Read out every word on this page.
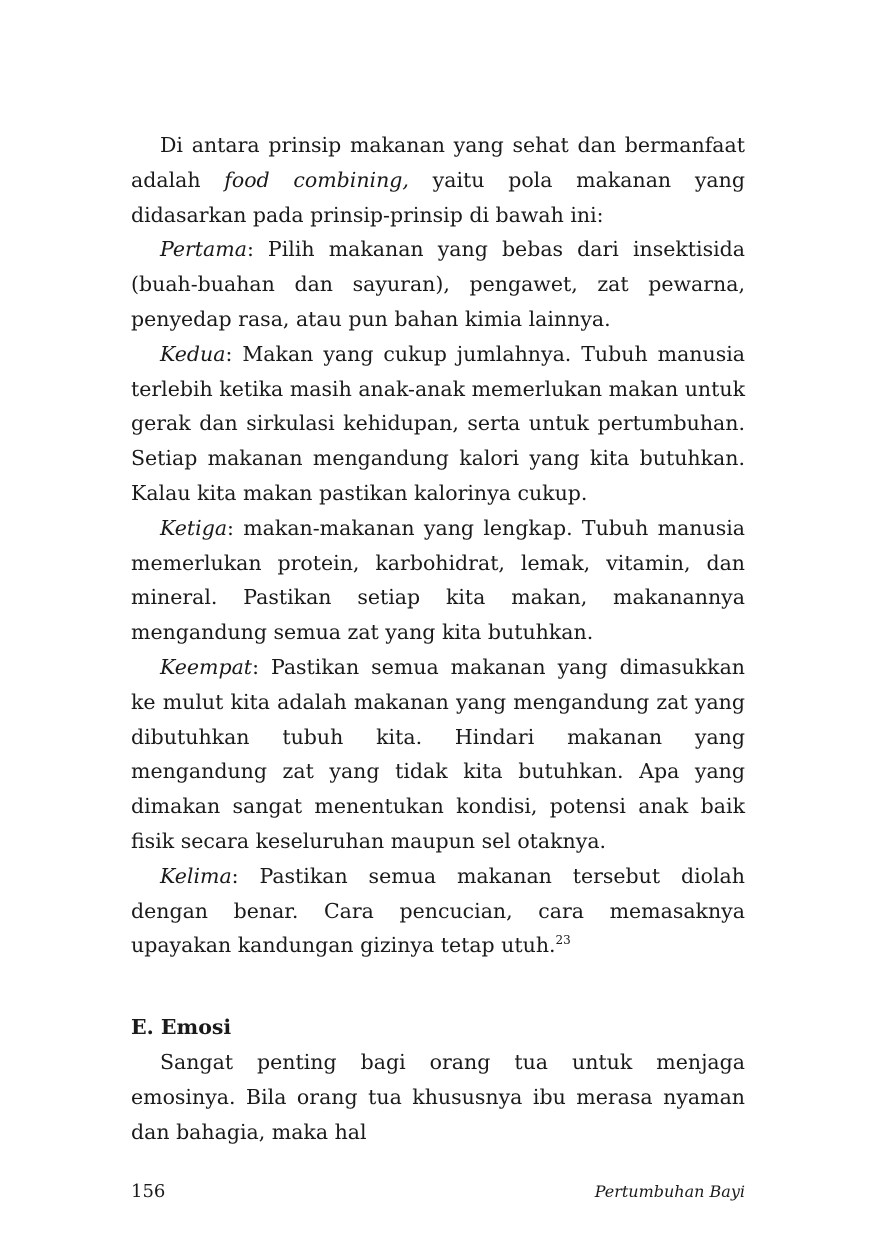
Di antara prinsip makanan yang sehat dan bermanfaat adalah food combining, yaitu pola makanan yang didasarkan pada prinsip-prinsip di bawah ini:

Pertama: Pilih makanan yang bebas dari insektisida (buah-buahan dan sayuran), pengawet, zat pewarna, penyedap rasa, atau pun bahan kimia lainnya.

Kedua: Makan yang cukup jumlahnya. Tubuh manusia terlebih ketika masih anak-anak memerlukan makan untuk gerak dan sirkulasi kehidupan, serta untuk pertumbuhan. Setiap makanan mengandung kalori yang kita butuhkan. Kalau kita makan pastikan kalorinya cukup.

Ketiga: makan-makanan yang lengkap. Tubuh manusia memerlukan protein, karbohidrat, lemak, vitamin, dan mineral. Pastikan setiap kita makan, makanannya mengandung semua zat yang kita butuhkan.

Keempat: Pastikan semua makanan yang dimasukkan ke mulut kita adalah makanan yang mengandung zat yang dibutuhkan tubuh kita. Hindari makanan yang mengandung zat yang tidak kita butuhkan. Apa yang dimakan sangat menentukan kondisi, potensi anak baik fisik secara keseluruhan maupun sel otaknya.

Kelima: Pastikan semua makanan tersebut diolah dengan benar. Cara pencucian, cara memasaknya upayakan kandungan gizinya tetap utuh.$^{23}$

E. Emosi

Sangat penting bagi orang tua untuk menjaga emosinya. Bila orang tua khususnya ibu merasa nyaman dan bahagia, maka hal

156	Pertumbuhan Bayi
